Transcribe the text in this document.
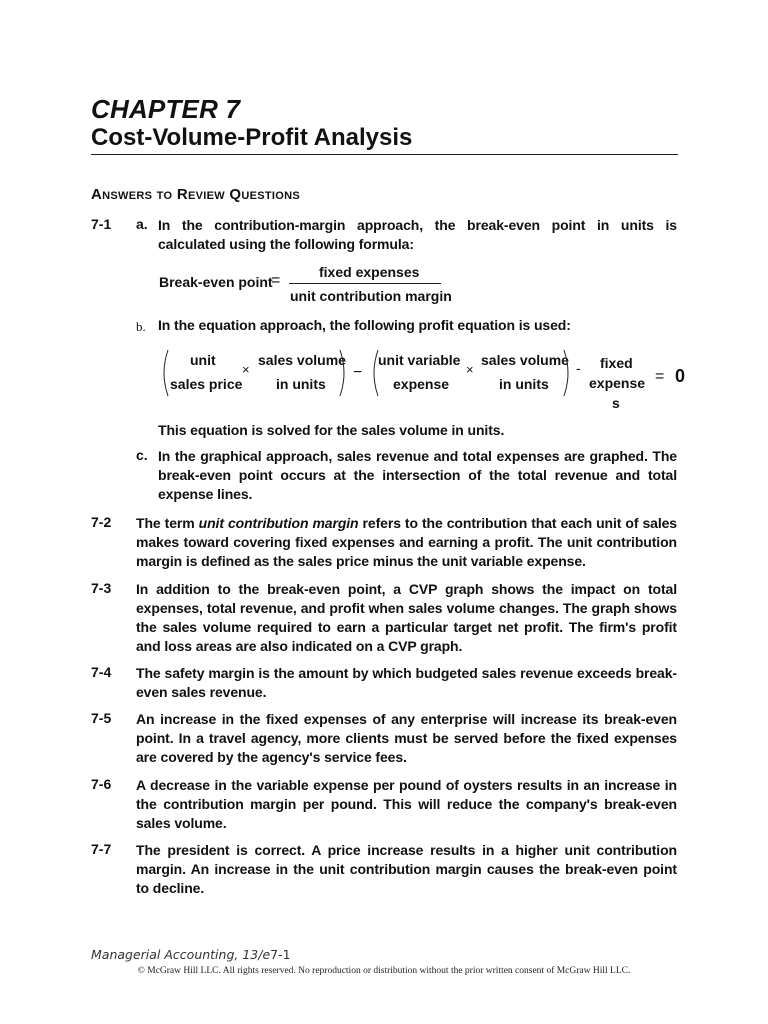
CHAPTER 7
Cost-Volume-Profit Analysis
Answers to Review Questions
7-1 a. In the contribution-margin approach, the break-even point in units is calculated using the following formula:
Break-even point
=	fixed expenses
unit contribution margin
b. In the equation approach, the following profit equation is used:
unit
sales price
×
sales volume
in units
−
unit variable
expense
×
sales volume
in units
- fixed
expense
s
= 0
This equation is solved for the sales volume in units.
c. In the graphical approach, sales revenue and total expenses are graphed. The break-even point occurs at the intersection of the total revenue and total expense lines.
7-2 The term unit contribution margin refers to the contribution that each unit of sales makes toward covering fixed expenses and earning a profit. The unit contribution margin is defined as the sales price minus the unit variable expense.
7-3 In addition to the break-even point, a CVP graph shows the impact on total expenses, total revenue, and profit when sales volume changes. The graph shows the sales volume required to earn a particular target net profit. The firm's profit and loss areas are also indicated on a CVP graph.
7-4 The safety margin is the amount by which budgeted sales revenue exceeds break-even sales revenue.
7-5 An increase in the fixed expenses of any enterprise will increase its break-even point. In a travel agency, more clients must be served before the fixed expenses are covered by the agency's service fees.
7-6 A decrease in the variable expense per pound of oysters results in an increase in the contribution margin per pound. This will reduce the company's break-even sales volume.
7-7 The president is correct. A price increase results in a higher unit contribution margin. An increase in the unit contribution margin causes the break-even point to decline.
Managerial Accounting, 13/e7-1
© McGraw Hill LLC. All rights reserved. No reproduction or distribution without the prior written consent of McGraw Hill LLC.
